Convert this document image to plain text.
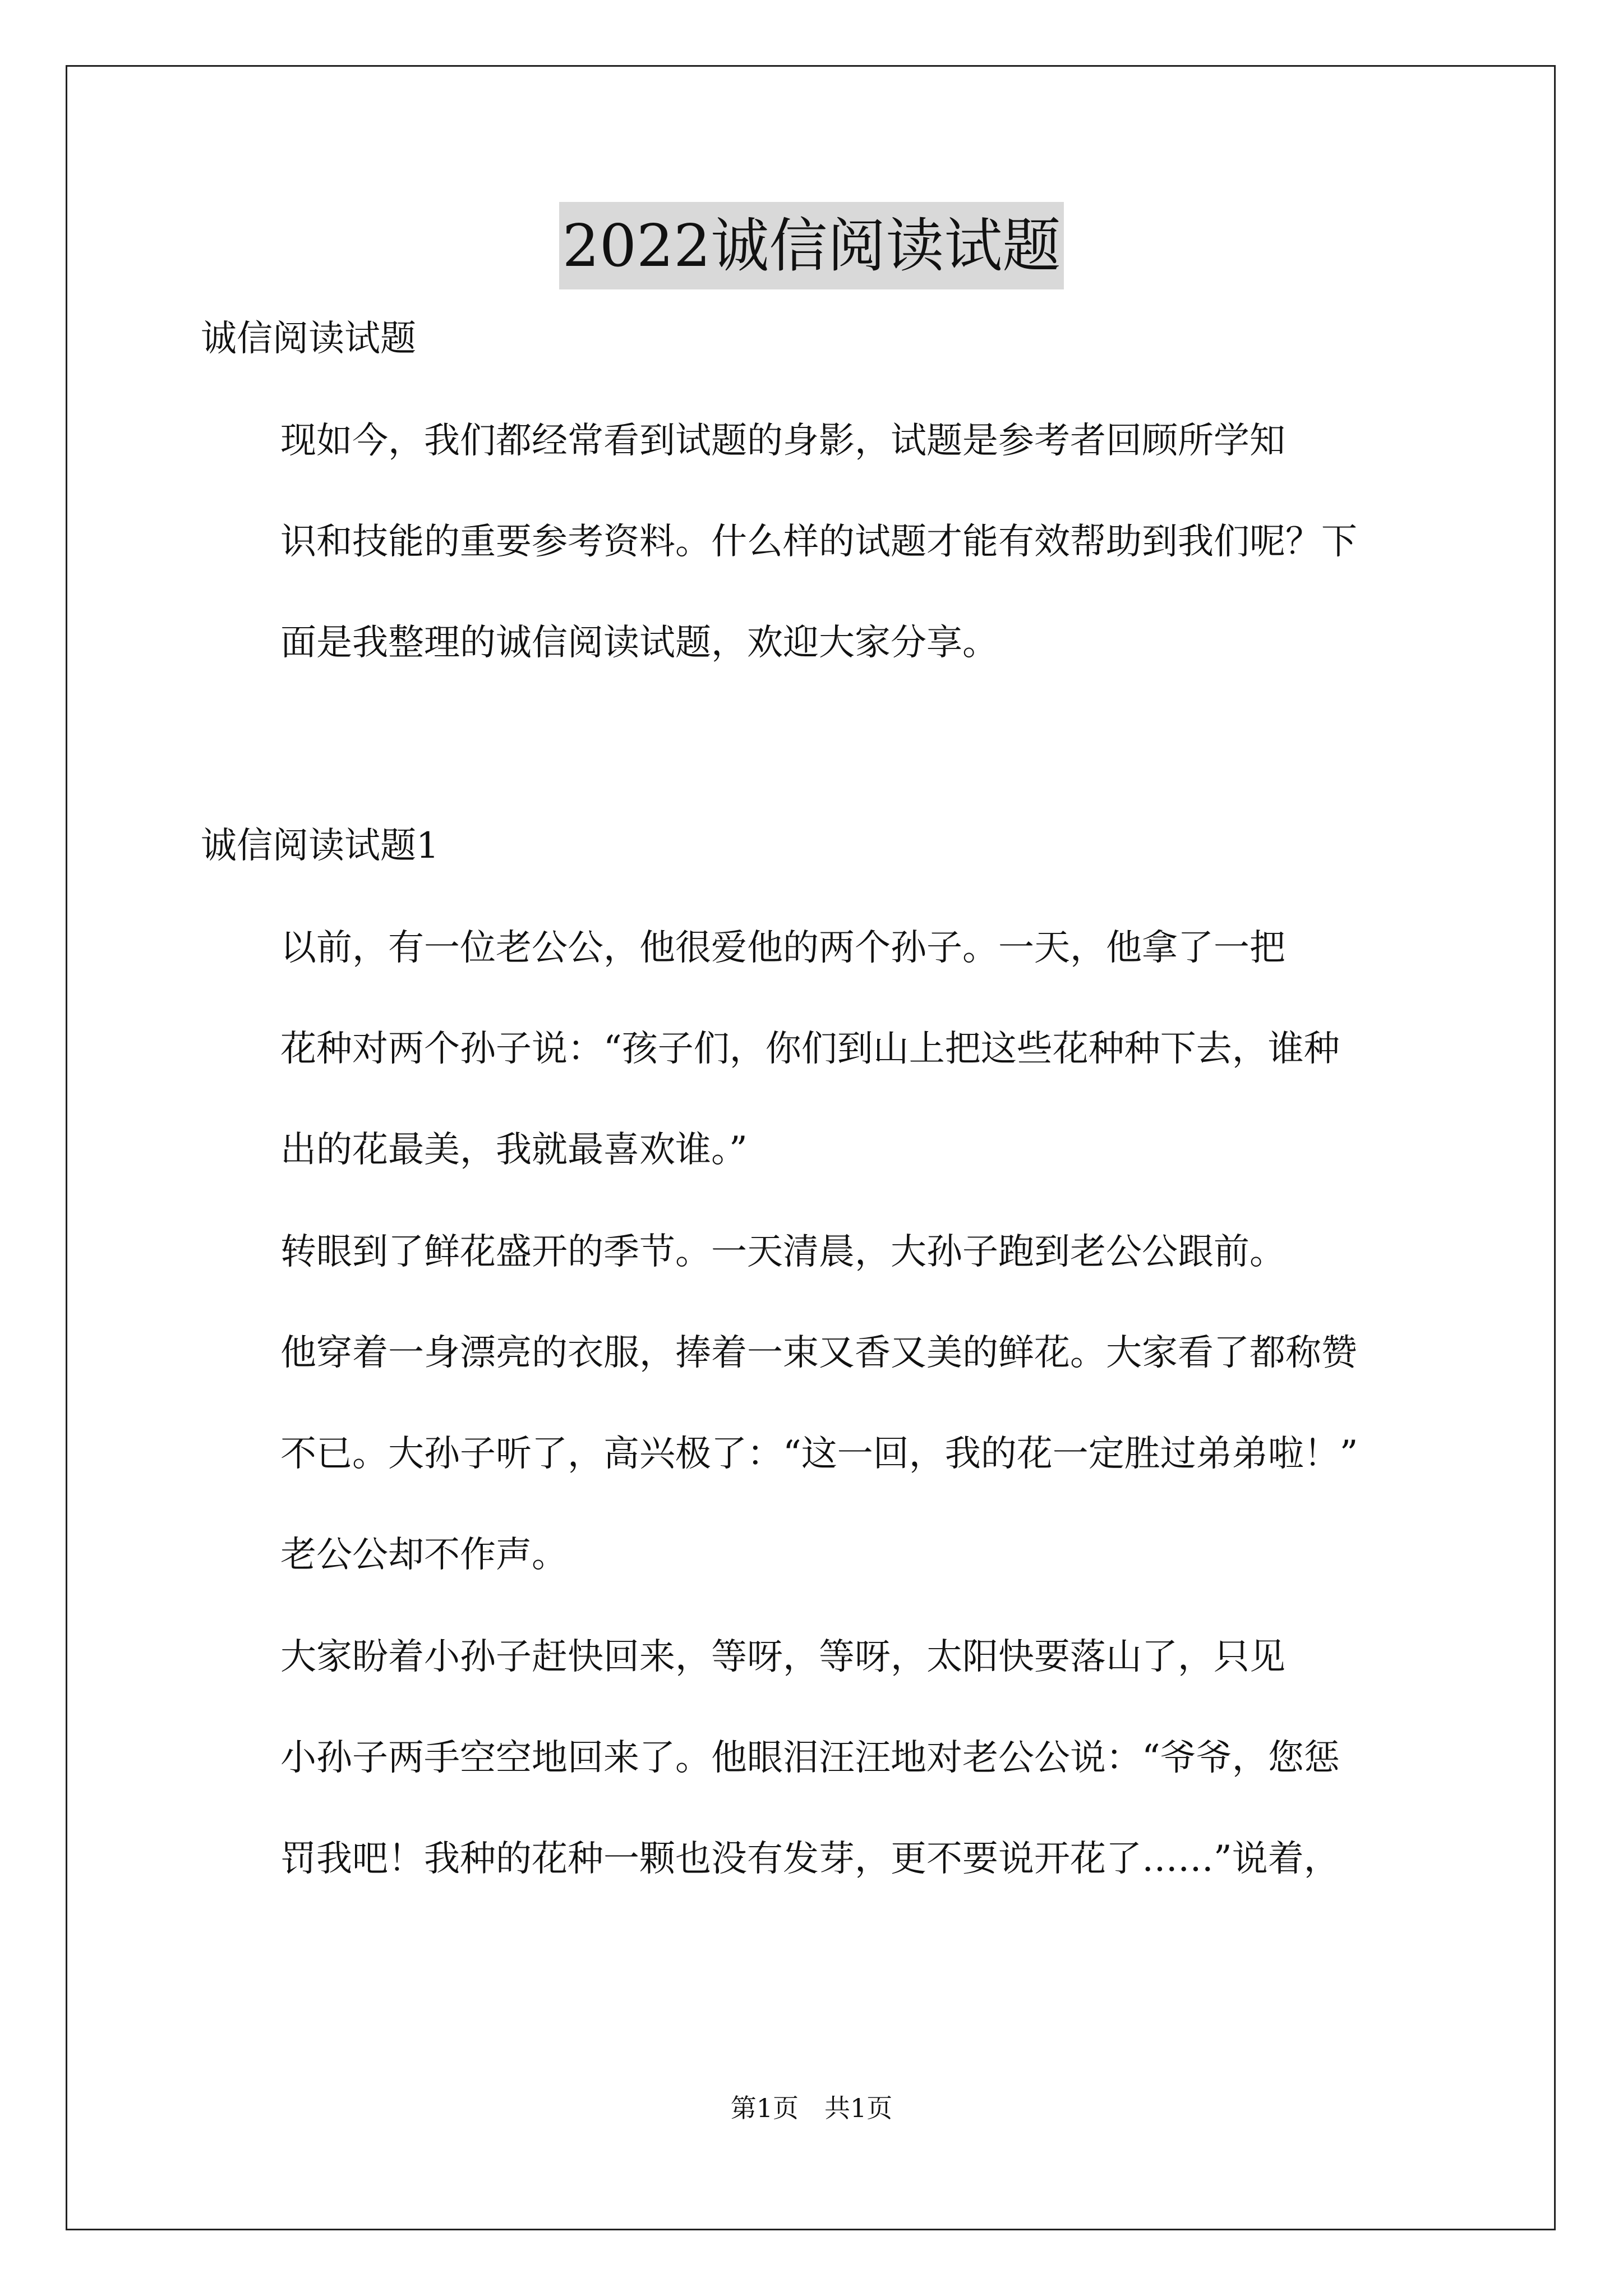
2022诚信阅读试题

诚信阅读试题

现如今，我们都经常看到试题的身影，试题是参考者回顾所学知
识和技能的重要参考资料。什么样的试题才能有效帮助到我们呢？下
面是我整理的诚信阅读试题，欢迎大家分享。

诚信阅读试题1

以前，有一位老公公，他很爱他的两个孙子。一天，他拿了一把
花种对两个孙子说：“孩子们，你们到山上把这些花种种下去，谁种
出的花最美，我就最喜欢谁。”

转眼到了鲜花盛开的季节。一天清晨，大孙子跑到老公公跟前。
他穿着一身漂亮的衣服，捧着一束又香又美的鲜花。大家看了都称赞
不已。大孙子听了，高兴极了：“这一回，我的花一定胜过弟弟啦！”
老公公却不作声。

大家盼着小孙子赶快回来，等呀，等呀，太阳快要落山了，只见
小孙子两手空空地回来了。他眼泪汪汪地对老公公说：“爷爷，您惩
罚我吧！我种的花种一颗也没有发芽，更不要说开花了……”说着，

第1页　共1页
